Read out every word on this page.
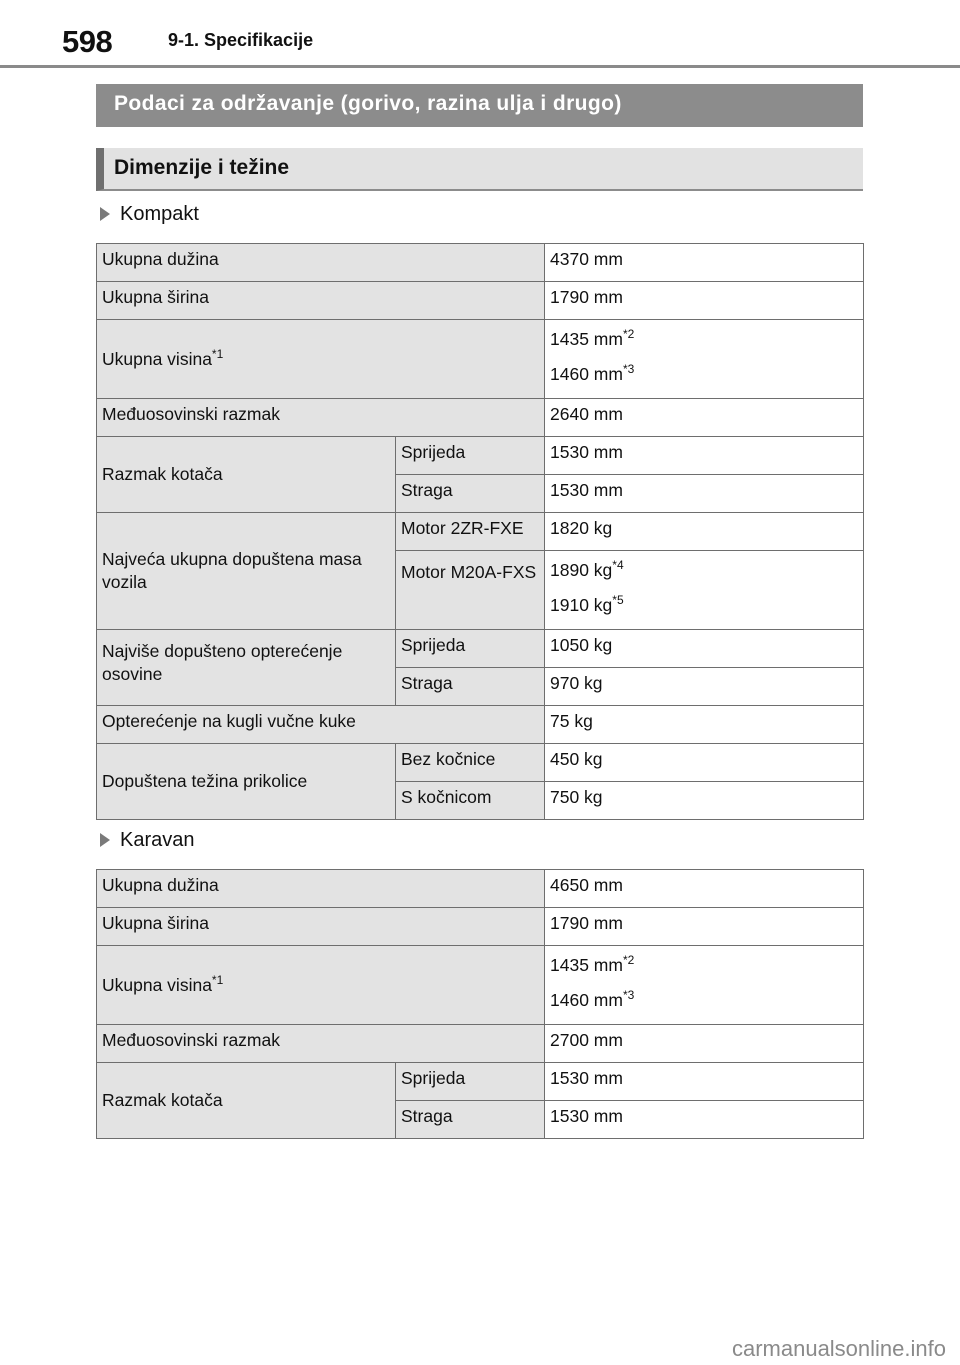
598	9-1. Specifikacije
Podaci za održavanje (gorivo, razina ulja i drugo)
Dimenzije i težine
Kompakt
Ukupna dužina		4370 mm
Ukupna širina		1790 mm
Ukupna visina$^{*1}$		1435 $mm^{*2}$
1460 $mm^{*3}$

Međuosovinski razmak		2640 mm
Razmak kotača	Sprijeda	1530 mm
	Straga	1530 mm
Najveća ukupna dopuštena masa vozila	Motor 2ZR-FXE	1820 kg
	Motor M20A-FXS	1890 $kg^{*4}$
1910 $kg^{*5}$

Najviše dopušteno opterećenje osovine	Sprijeda	1050 kg
	Straga	970 kg
Opterećenje na kugli vučne kuke		75 kg
Dopuštena težina prikolice	Bez kočnice	450 kg
	S kočnicom	750 kg
Karavan
Ukupna dužina		4650 mm
Ukupna širina		1790 mm
Ukupna visina$^{*1}$		1435 $mm^{*2}$
1460 $mm^{*3}$

Međuosovinski razmak		2700 mm
Razmak kotača	Sprijeda	1530 mm
	Straga	1530 mm
carmanualsonline.info
